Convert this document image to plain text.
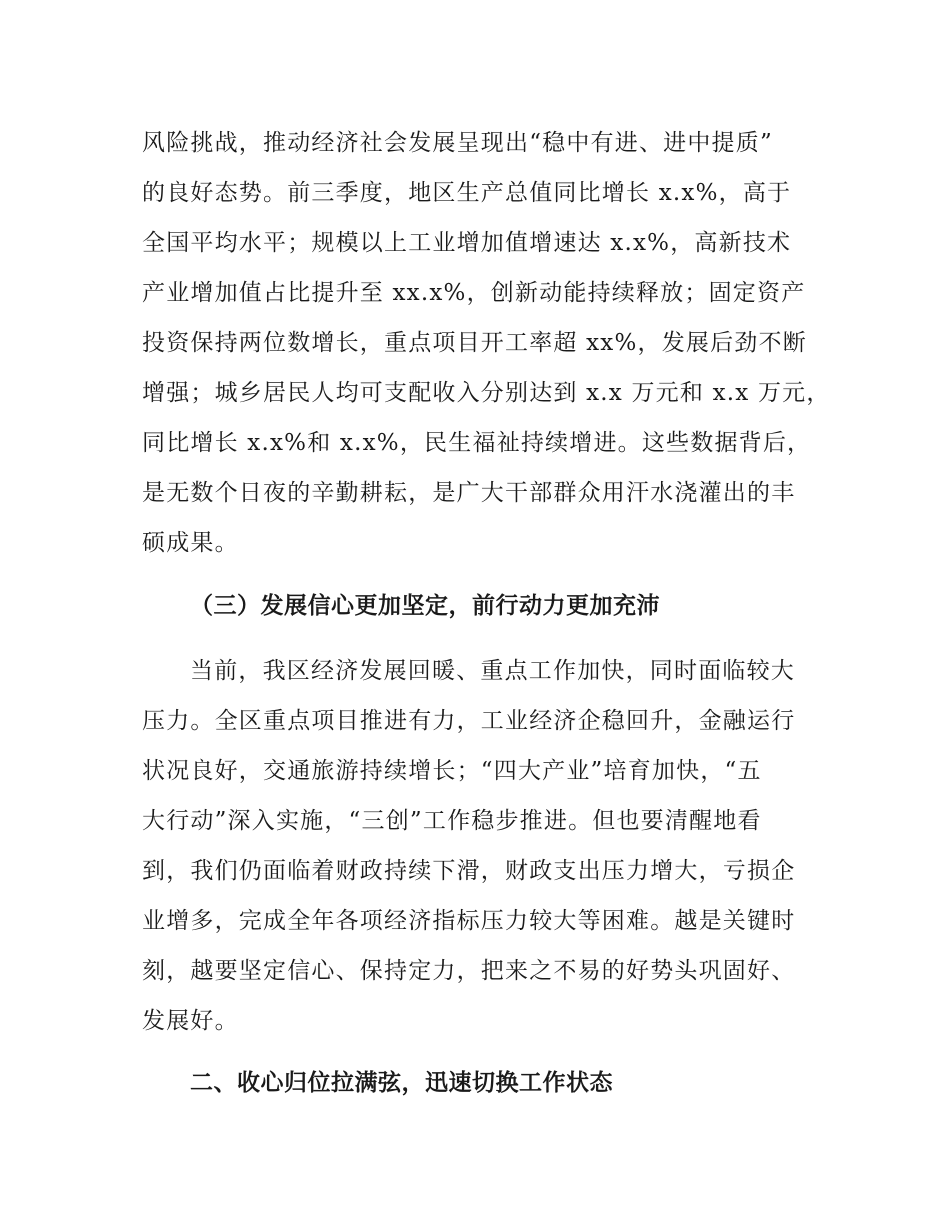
风险挑战，推动经济社会发展呈现出“稳中有进、进中提质”
的良好态势。前三季度，地区生产总值同比增长 x.x%，高于
全国平均水平；规模以上工业增加值增速达 x.x%，高新技术
产业增加值占比提升至 xx.x%，创新动能持续释放；固定资产
投资保持两位数增长，重点项目开工率超 xx%，发展后劲不断
增强；城乡居民人均可支配收入分别达到 x.x 万元和 x.x 万元，
同比增长 x.x%和 x.x%，民生福祉持续增进。这些数据背后，
是无数个日夜的辛勤耕耘，是广大干部群众用汗水浇灌出的丰
硕成果。
（三）发展信心更加坚定，前行动力更加充沛
当前，我区经济发展回暖、重点工作加快，同时面临较大
压力。全区重点项目推进有力，工业经济企稳回升，金融运行
状况良好，交通旅游持续增长；“四大产业”培育加快，“五
大行动”深入实施，“三创”工作稳步推进。但也要清醒地看
到，我们仍面临着财政持续下滑，财政支出压力增大，亏损企
业增多，完成全年各项经济指标压力较大等困难。越是关键时
刻，越要坚定信心、保持定力，把来之不易的好势头巩固好、
发展好。
二、收心归位拉满弦，迅速切换工作状态
